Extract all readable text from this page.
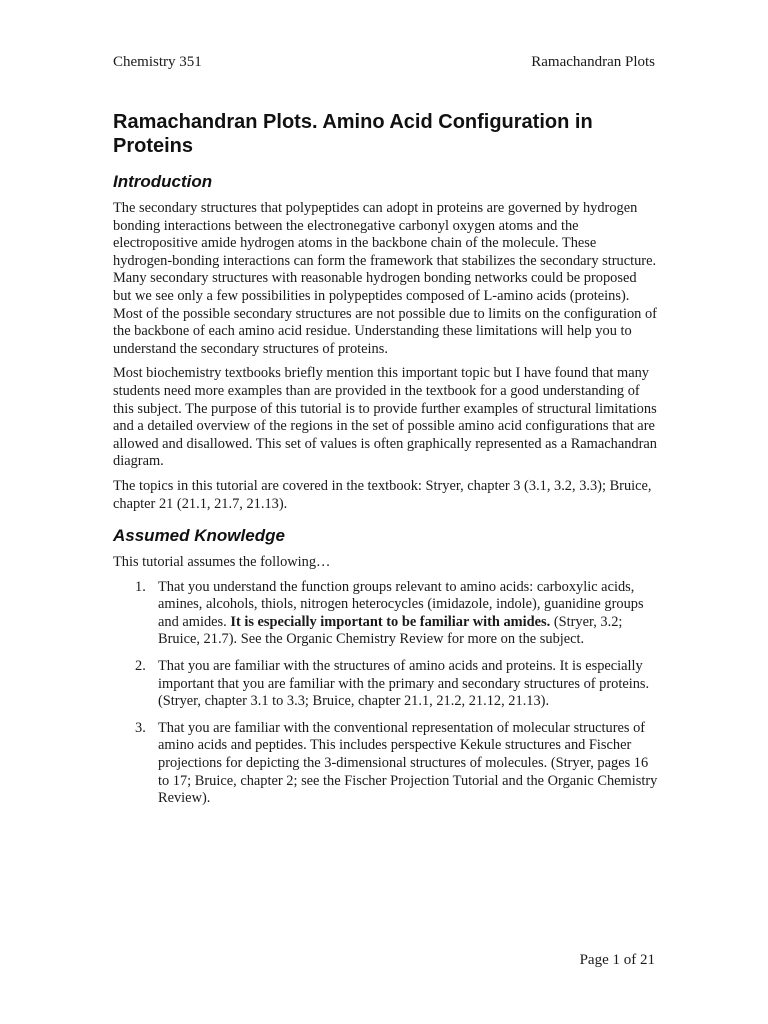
Chemistry 351	Ramachandran Plots
Ramachandran Plots. Amino Acid Configuration in Proteins
Introduction

The secondary structures that polypeptides can adopt in proteins are governed by hydrogen bonding interactions between the electronegative carbonyl oxygen atoms and the electropositive amide hydrogen atoms in the backbone chain of the molecule. These hydrogen-bonding interactions can form the framework that stabilizes the secondary structure. Many secondary structures with reasonable hydrogen bonding networks could be proposed but we see only a few possibilities in polypeptides composed of L-amino acids (proteins). Most of the possible secondary structures are not possible due to limits on the configuration of the backbone of each amino acid residue. Understanding these limitations will help you to understand the secondary structures of proteins.

Most biochemistry textbooks briefly mention this important topic but I have found that many students need more examples than are provided in the textbook for a good understanding of this subject. The purpose of this tutorial is to provide further examples of structural limitations and a detailed overview of the regions in the set of possible amino acid configurations that are allowed and disallowed. This set of values is often graphically represented as a Ramachandran diagram.

The topics in this tutorial are covered in the textbook: Stryer, chapter 3 (3.1, 3.2, 3.3); Bruice, chapter 21 (21.1, 21.7, 21.13).

Assumed Knowledge

This tutorial assumes the following…

1. That you understand the function groups relevant to amino acids: carboxylic acids, amines, alcohols, thiols, nitrogen heterocycles (imidazole, indole), guanidine groups and amides. It is especially important to be familiar with amides. (Stryer, 3.2; Bruice, 21.7). See the Organic Chemistry Review for more on the subject.
2. That you are familiar with the structures of amino acids and proteins. It is especially important that you are familiar with the primary and secondary structures of proteins. (Stryer, chapter 3.1 to 3.3; Bruice, chapter 21.1, 21.2, 21.12, 21.13).
3. That you are familiar with the conventional representation of molecular structures of amino acids and peptides. This includes perspective Kekule structures and Fischer projections for depicting the 3-dimensional structures of molecules. (Stryer, pages 16 to 17; Bruice, chapter 2; see the Fischer Projection Tutorial and the Organic Chemistry Review).
Page 1 of 21
